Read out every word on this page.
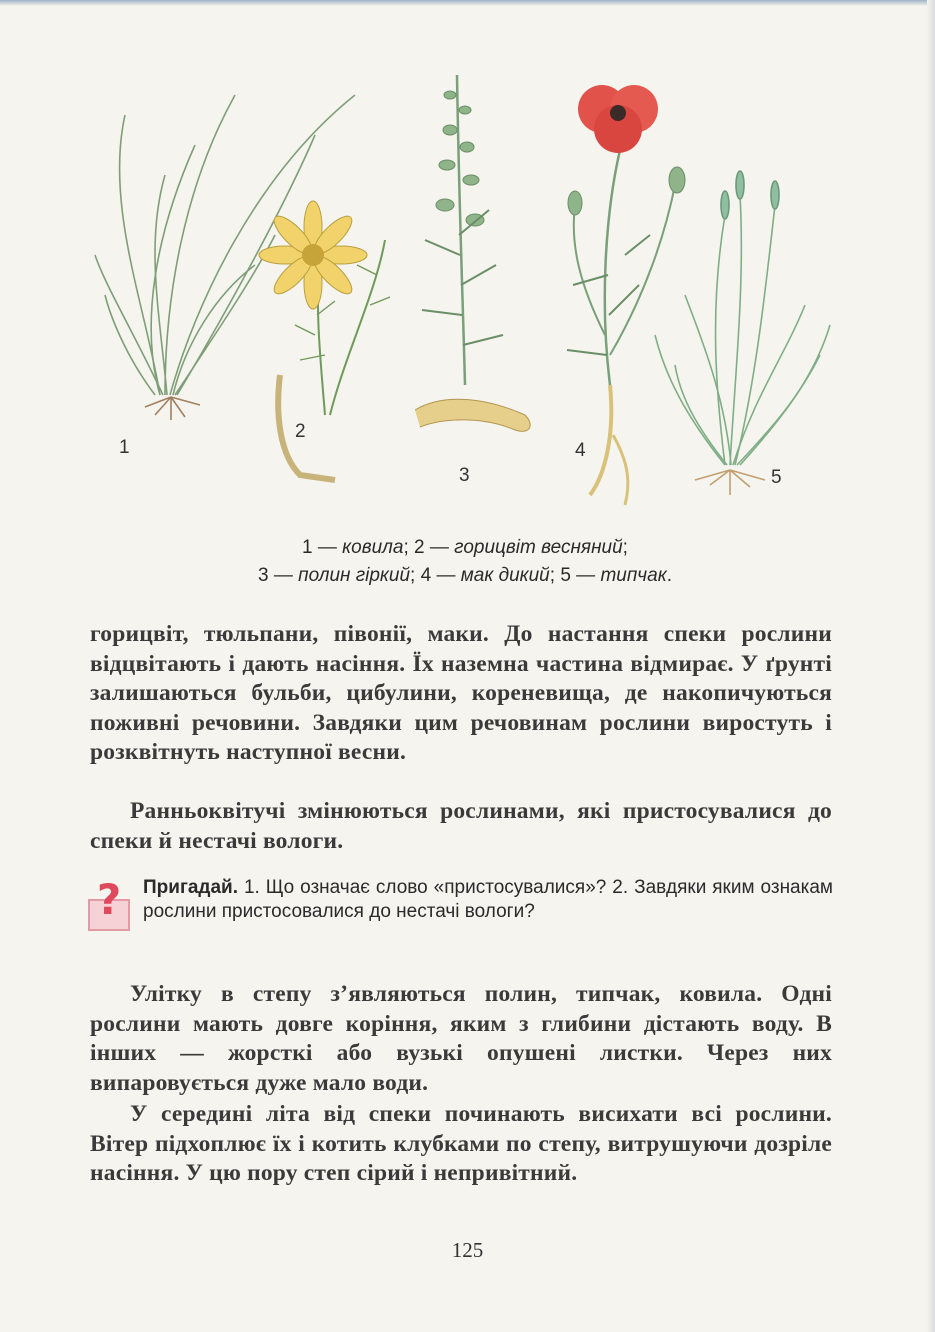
1
2
3
4
5
1 — ковила; 2 — горицвіт весняний;
3 — полин гіркий; 4 — мак дикий; 5 — типчак.
горицвіт, тюльпани, півонії, маки. До настання спеки рослини відцвітають і дають насіння. Їх наземна частина відмирає. У ґрунті залишаються бульби, цибулини, кореневища, де накопичуються поживні речовини. Завдяки цим речовинам рослини виростуть і розквітнуть наступної весни.
Ранньоквітучі змінюються рослинами, які пристосувалися до спеки й нестачі вологи.
? Пригадай. 1. Що означає слово «пристосувалися»? 2. Завдяки яким ознакам рослини пристосовалися до нестачі вологи?
Улітку в степу з’являються полин, типчак, ковила. Одні рослини мають довге коріння, яким з глибини дістають воду. В інших — жорсткі або вузькі опушені листки. Через них випаровується дуже мало води.
У середині літа від спеки починають висихати всі рослини. Вітер підхоплює їх і котить клубками по степу, витрушуючи дозріле насіння. У цю пору степ сірий і непривітний.
125
